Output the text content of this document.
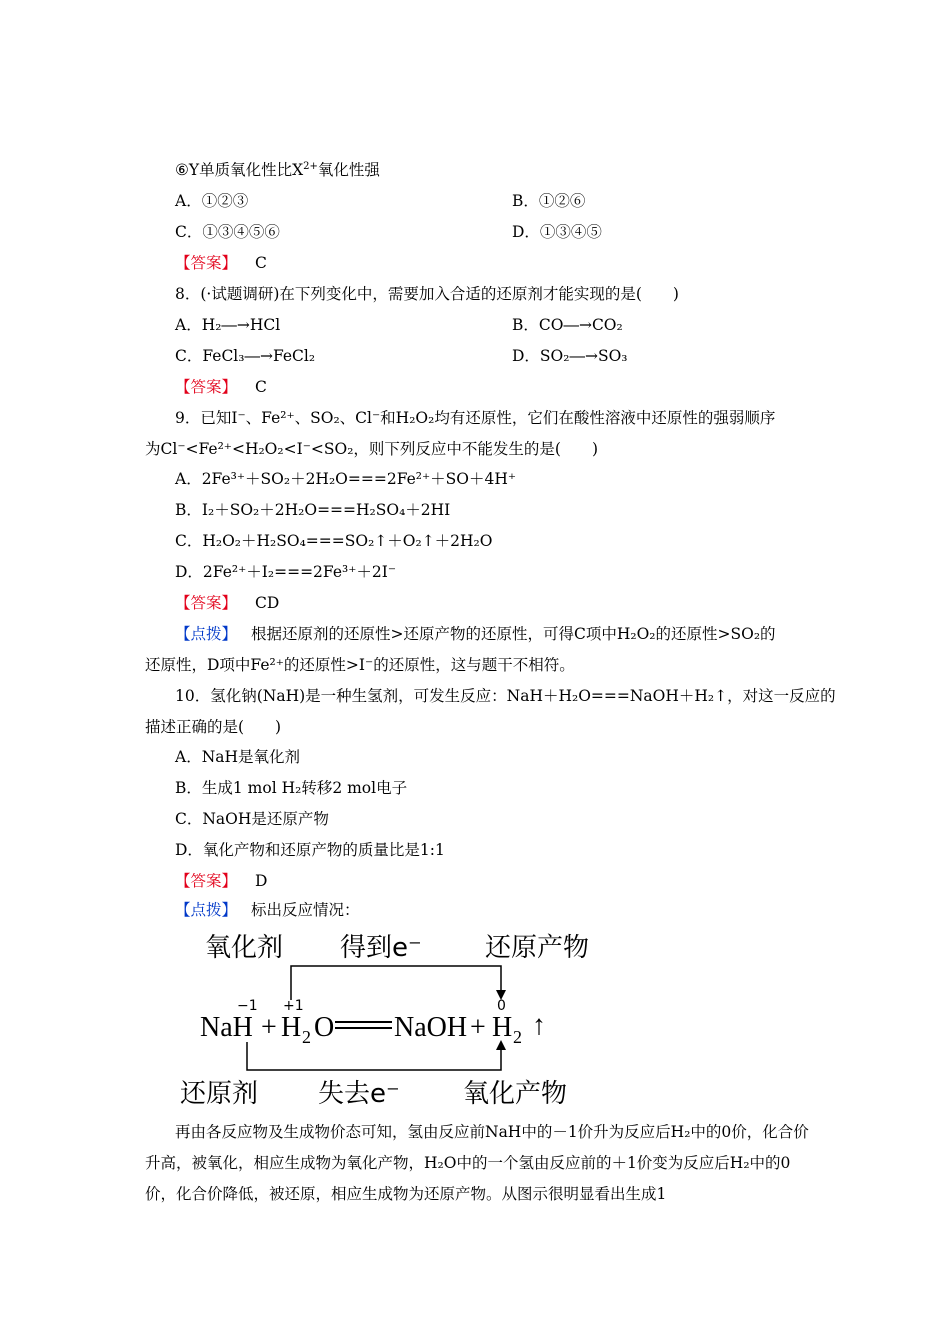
⑥Y单质氧化性比$X^{2+}$氧化性强
A．①②③	B．①②⑥
C．①③④⑤⑥	D．①③④⑤
【答案】 C
8．(·试题调研)在下列变化中，需要加入合适的还原剂才能实现的是(　　)
A．H₂―→HCl	B．CO―→CO₂
C．FeCl₃―→FeCl₂	D．SO₂―→SO₃
【答案】 C
9．已知I⁻、Fe²⁺、SO₂、Cl⁻和H₂O₂均有还原性，它们在酸性溶液中还原性的强弱顺序
为Cl⁻<Fe²⁺<H₂O₂<I⁻<SO₂，则下列反应中不能发生的是(　　)
A．2Fe³⁺＋SO₂＋2H₂O===2Fe²⁺＋SO＋4H⁺
B．I₂＋SO₂＋2H₂O===H₂SO₄＋2HI
C．H₂O₂＋H₂SO₄===SO₂↑＋O₂↑＋2H₂O
D．2Fe²⁺＋I₂===2Fe³⁺＋2I⁻
【答案】 CD
【点拨】 根据还原剂的还原性>还原产物的还原性，可得C项中H₂O₂的还原性>SO₂的
还原性，D项中Fe²⁺的还原性>I⁻的还原性，这与题干不相符。
10．氢化钠(NaH)是一种生氢剂，可发生反应：NaH＋H₂O===NaOH＋H₂↑，对这一反应的
描述正确的是(　　)
A．NaH是氧化剂
B．生成1 mol H₂转移2 mol电子
C．NaOH是还原产物
D．氧化产物和还原产物的质量比是1:1
【答案】 D
【点拨】 标出反应情况：
氧化剂 得到e⁻ 还原产物
还原剂 失去e⁻ 氧化产物
−1 +1	0
NaH + H 2 O NaOH + H 2 ↑
再由各反应物及生成物价态可知，氢由反应前NaH中的－1价升为反应后H₂中的0价，化合价升高，被氧化，相应生成物为氧化产物，H₂O中的一个氢由反应前的＋1价变为反应后H₂中的0价，化合价降低，被还原，相应生成物为还原产物。从图示很明显看出生成1
